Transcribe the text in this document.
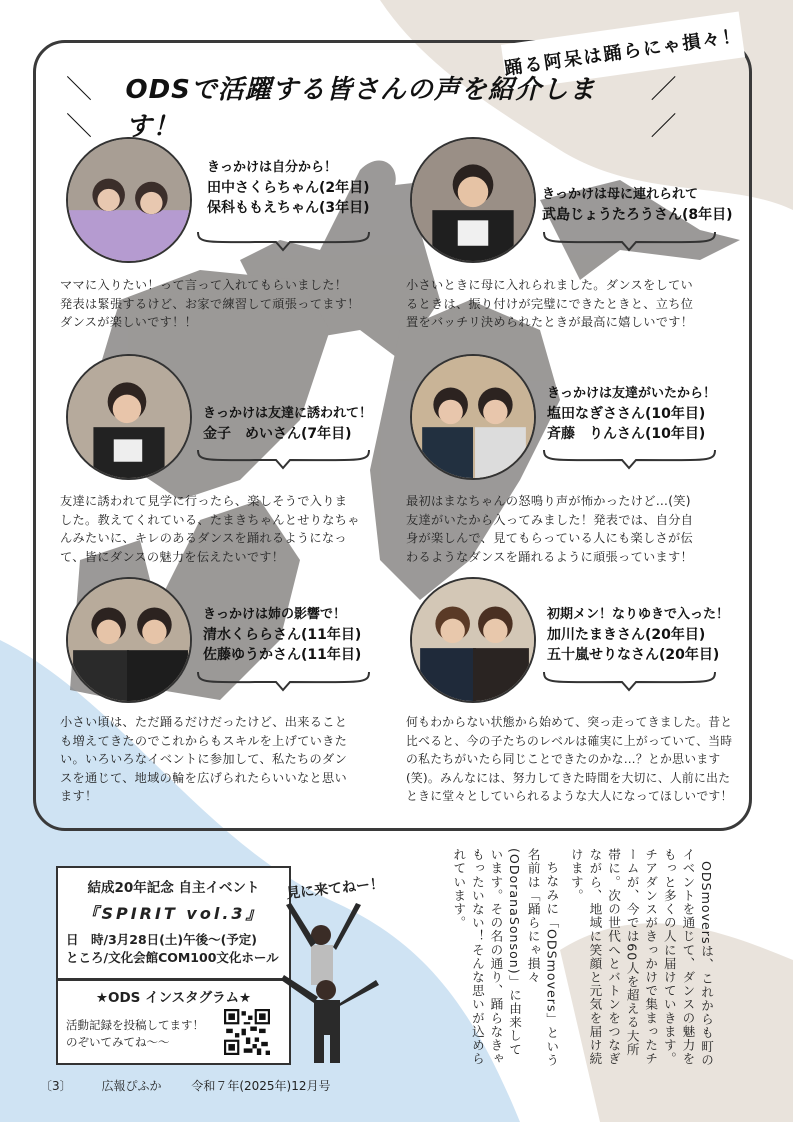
踊る阿呆は踊らにゃ損々！
＼＼
ODSで活躍する皆さんの声を紹介します！
／／
きっかけは自分から！
田中さくらちゃん(2年目)
保科ももえちゃん(3年目)
ママに入りたい！って言って入れてもらいました！
発表は緊張するけど、お家で練習して頑張ってます！
ダンスが楽しいです！！
きっかけは母に連れられて
武島じょうたろうさん(8年目)
小さいときに母に入れられました。ダンスをしてい
るときは、振り付けが完璧にできたときと、立ち位
置をバッチリ決められたときが最高に嬉しいです！
きっかけは友達に誘われて！
金子　めいさん(7年目)
友達に誘われて見学に行ったら、楽しそうで入りま
した。教えてくれている、たまきちゃんとせりなちゃ
んみたいに、キレのあるダンスを踊れるようになっ
て、皆にダンスの魅力を伝えたいです！
きっかけは友達がいたから！
塩田なぎささん(10年目)
斉藤　りんさん(10年目)
最初はまなちゃんの怒鳴り声が怖かったけど…(笑)
友達がいたから入ってみました！発表では、自分自
身が楽しんで、見てもらっている人にも楽しさが伝
わるようなダンスを踊れるように頑張っています！
きっかけは姉の影響で！
清水くららさん(11年目)
佐藤ゆうかさん(11年目)
小さい頃は、ただ踊るだけだったけど、出来ること
も増えてきたのでこれからもスキルを上げていきた
い。いろいろなイベントに参加して、私たちのダン
スを通じて、地域の輪を広げられたらいいなと思い
ます！
初期メン！なりゆきで入った！
加川たまきさん(20年目)
五十嵐せりなさん(20年目)
何もわからない状態から始めて、突っ走ってきました。昔と
比べると、今の子たちのレベルは確実に上がっていて、当時
の私たちがいたら同じことできたのかな…？とか思います
(笑)。みんなには、努力してきた時間を大切に、人前に出た
ときに堂々としていられるような大人になってほしいです！
結成20年記念 自主イベント
『SPIRIT vol.3』
日　時/3月28日(土)午後～(予定)
ところ/文化会館COM100文化ホール
★ODS インスタグラム★
活動記録を投稿してます！
のぞいてみてね～～
見に来てねー！	ODSmoversは、これからも町のイベントを通じて、ダンスの魅力をもっと多くの人に届けていきます。チアダンスがきっかけで集まったチームが、今では60人を超える大所帯に。次の世代へとバトンをつなぎながら、地域に笑顔と元気を届け続けます。

ちなみに「ODSmovers」という名前は「踊らにゃ損々(ODoranaSonson)」に由来しています。その名の通り、踊らなきゃもったいない！そんな思いが込められています。

〔3〕 広報ぴふか 令和７年(2025年)12月号
